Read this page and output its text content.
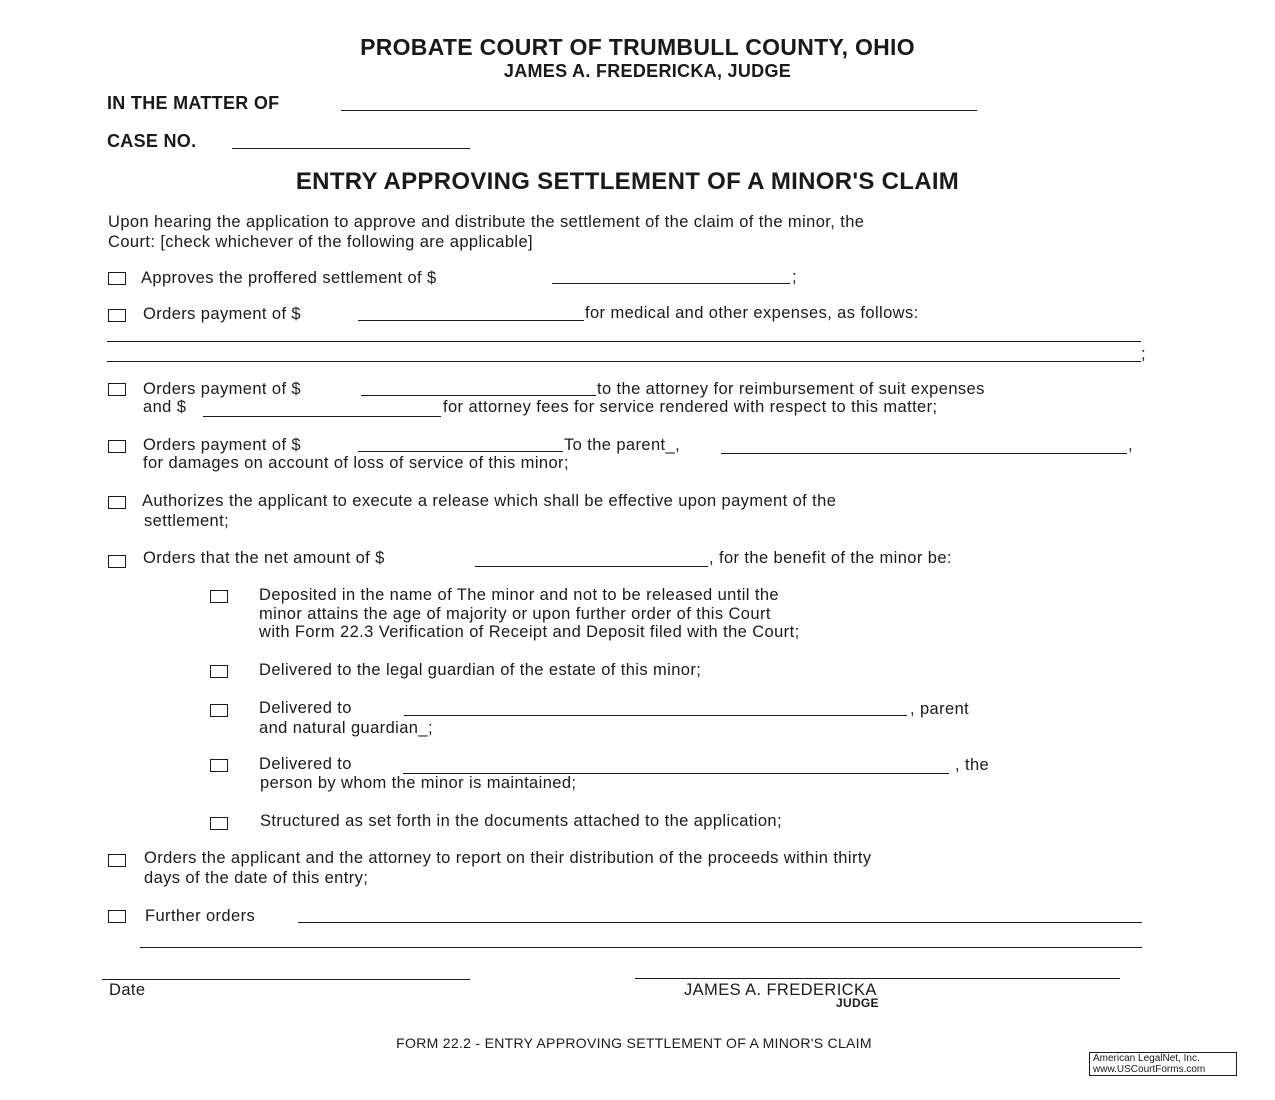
PROBATE COURT OF TRUMBULL COUNTY, OHIO
JAMES A. FREDERICKA, JUDGE
IN THE MATTER OF
CASE NO.
ENTRY APPROVING SETTLEMENT OF A MINOR'S CLAIM
Upon hearing the application to approve and distribute the settlement of the claim of the minor, the
Court: [check whichever of the following are applicable]
Approves the proffered settlement of $	;
Orders payment of $	for medical and other expenses, as follows:
;
Orders payment of $	to the attorney for reimbursement of suit expenses
and $	for attorney fees for service rendered with respect to this matter;
Orders payment of $	To the parent_,	,
for damages on account of loss of service of this minor;
Authorizes the applicant to execute a release which shall be effective upon payment of the
settlement;
Orders that the net amount of $	, for the benefit of the minor be:
Deposited in the name of The minor and not to be released until the
minor attains the age of majority or upon further order of this Court
with Form 22.3 Verification of Receipt and Deposit filed with the Court;
Delivered to the legal guardian of the estate of this minor;
Delivered to	, parent
and natural guardian_;
Delivered to	, the
person by whom the minor is maintained;
Structured as set forth in the documents attached to the application;
Orders the applicant and the attorney to report on their distribution of the proceeds within thirty
days of the date of this entry;
Further orders
Date	JAMES A. FREDERICKA
JUDGE
FORM 22.2 - ENTRY APPROVING SETTLEMENT OF A MINOR'S CLAIM
American LegalNet, Inc.
www.USCourtForms.com
